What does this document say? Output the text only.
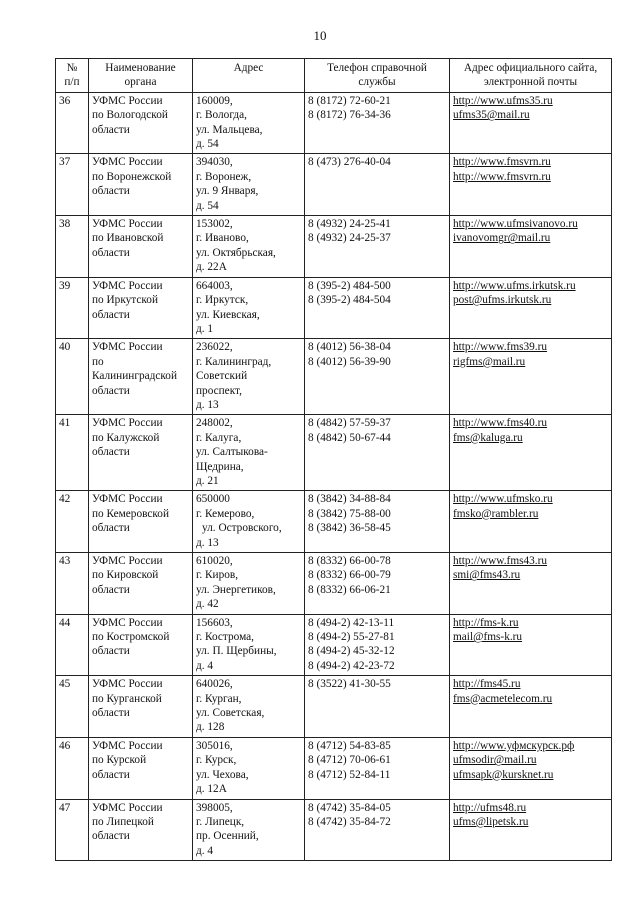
10
№
п/п	Наименование
органа	Адрес	Телефон справочной
службы	Адрес официального сайта,
электронной почты

36	УФМС России
по Вологодской
области	160009,
г. Вологда,
ул. Мальцева,
д. 54	8 (8172) 72-60-21
8 (8172) 76-34-36	http://www.ufms35.ru
ufms35@mail.ru

37	УФМС России
по Воронежской
области	394030,
г. Воронеж,
ул. 9 Января,
д. 54	8 (473) 276-40-04	http://www.fmsvrn.ru
http://www.fmsvrn.ru

38	УФМС России
по Ивановской
области	153002,
г. Иваново,
ул. Октябрьская,
д. 22А	8 (4932) 24-25-41
8 (4932) 24-25-37	http://www.ufmsivanovo.ru
ivanovomgr@mail.ru

39	УФМС России
по Иркутской
области	664003,
г. Иркутск,
ул. Киевская,
д. 1	8 (395-2) 484-500
8 (395-2) 484-504	http://www.ufms.irkutsk.ru
post@ufms.irkutsk.ru

40	УФМС России
по
Калининградской
области	236022,
г. Калининград,
Советский
проспект,
д. 13	8 (4012) 56-38-04
8 (4012) 56-39-90	http://www.fms39.ru
rigfms@mail.ru

41	УФМС России
по Калужской
области	248002,
г. Калуга,
ул. Салтыкова-
Щедрина,
д. 21	8 (4842) 57-59-37
8 (4842) 50-67-44	http://www.fms40.ru
fms@kaluga.ru

42	УФМС России
по Кемеровской
области	650000
г. Кемерово,
ул. Островского,
д. 13	8 (3842) 34-88-84
8 (3842) 75-88-00
8 (3842) 36-58-45	http://www.ufmsko.ru
fmsko@rambler.ru

43	УФМС России
по Кировской
области	610020,
г. Киров,
ул. Энергетиков,
д. 42	8 (8332) 66-00-78
8 (8332) 66-00-79
8 (8332) 66-06-21	http://www.fms43.ru
smi@fms43.ru

44	УФМС России
по Костромской
области	156603,
г. Кострома,
ул. П. Щербины,
д. 4	8 (494-2) 42-13-11
8 (494-2) 55-27-81
8 (494-2) 45-32-12
8 (494-2) 42-23-72	http://fms-k.ru
mail@fms-k.ru

45	УФМС России
по Курганской
области	640026,
г. Курган,
ул. Советская,
д. 128	8 (3522) 41-30-55	http://fms45.ru
fms@acmetelecom.ru

46	УФМС России
по Курской
области	305016,
г. Курск,
ул. Чехова,
д. 12А	8 (4712) 54-83-85
8 (4712) 70-06-61
8 (4712) 52-84-11	http://www.уфмскурск.рф
ufmsodir@mail.ru
ufmsapk@kursknet.ru

47	УФМС России
по Липецкой
области	398005,
г. Липецк,
пр. Осенний,
д. 4	8 (4742) 35-84-05
8 (4742) 35-84-72	http://ufms48.ru
ufms@lipetsk.ru
